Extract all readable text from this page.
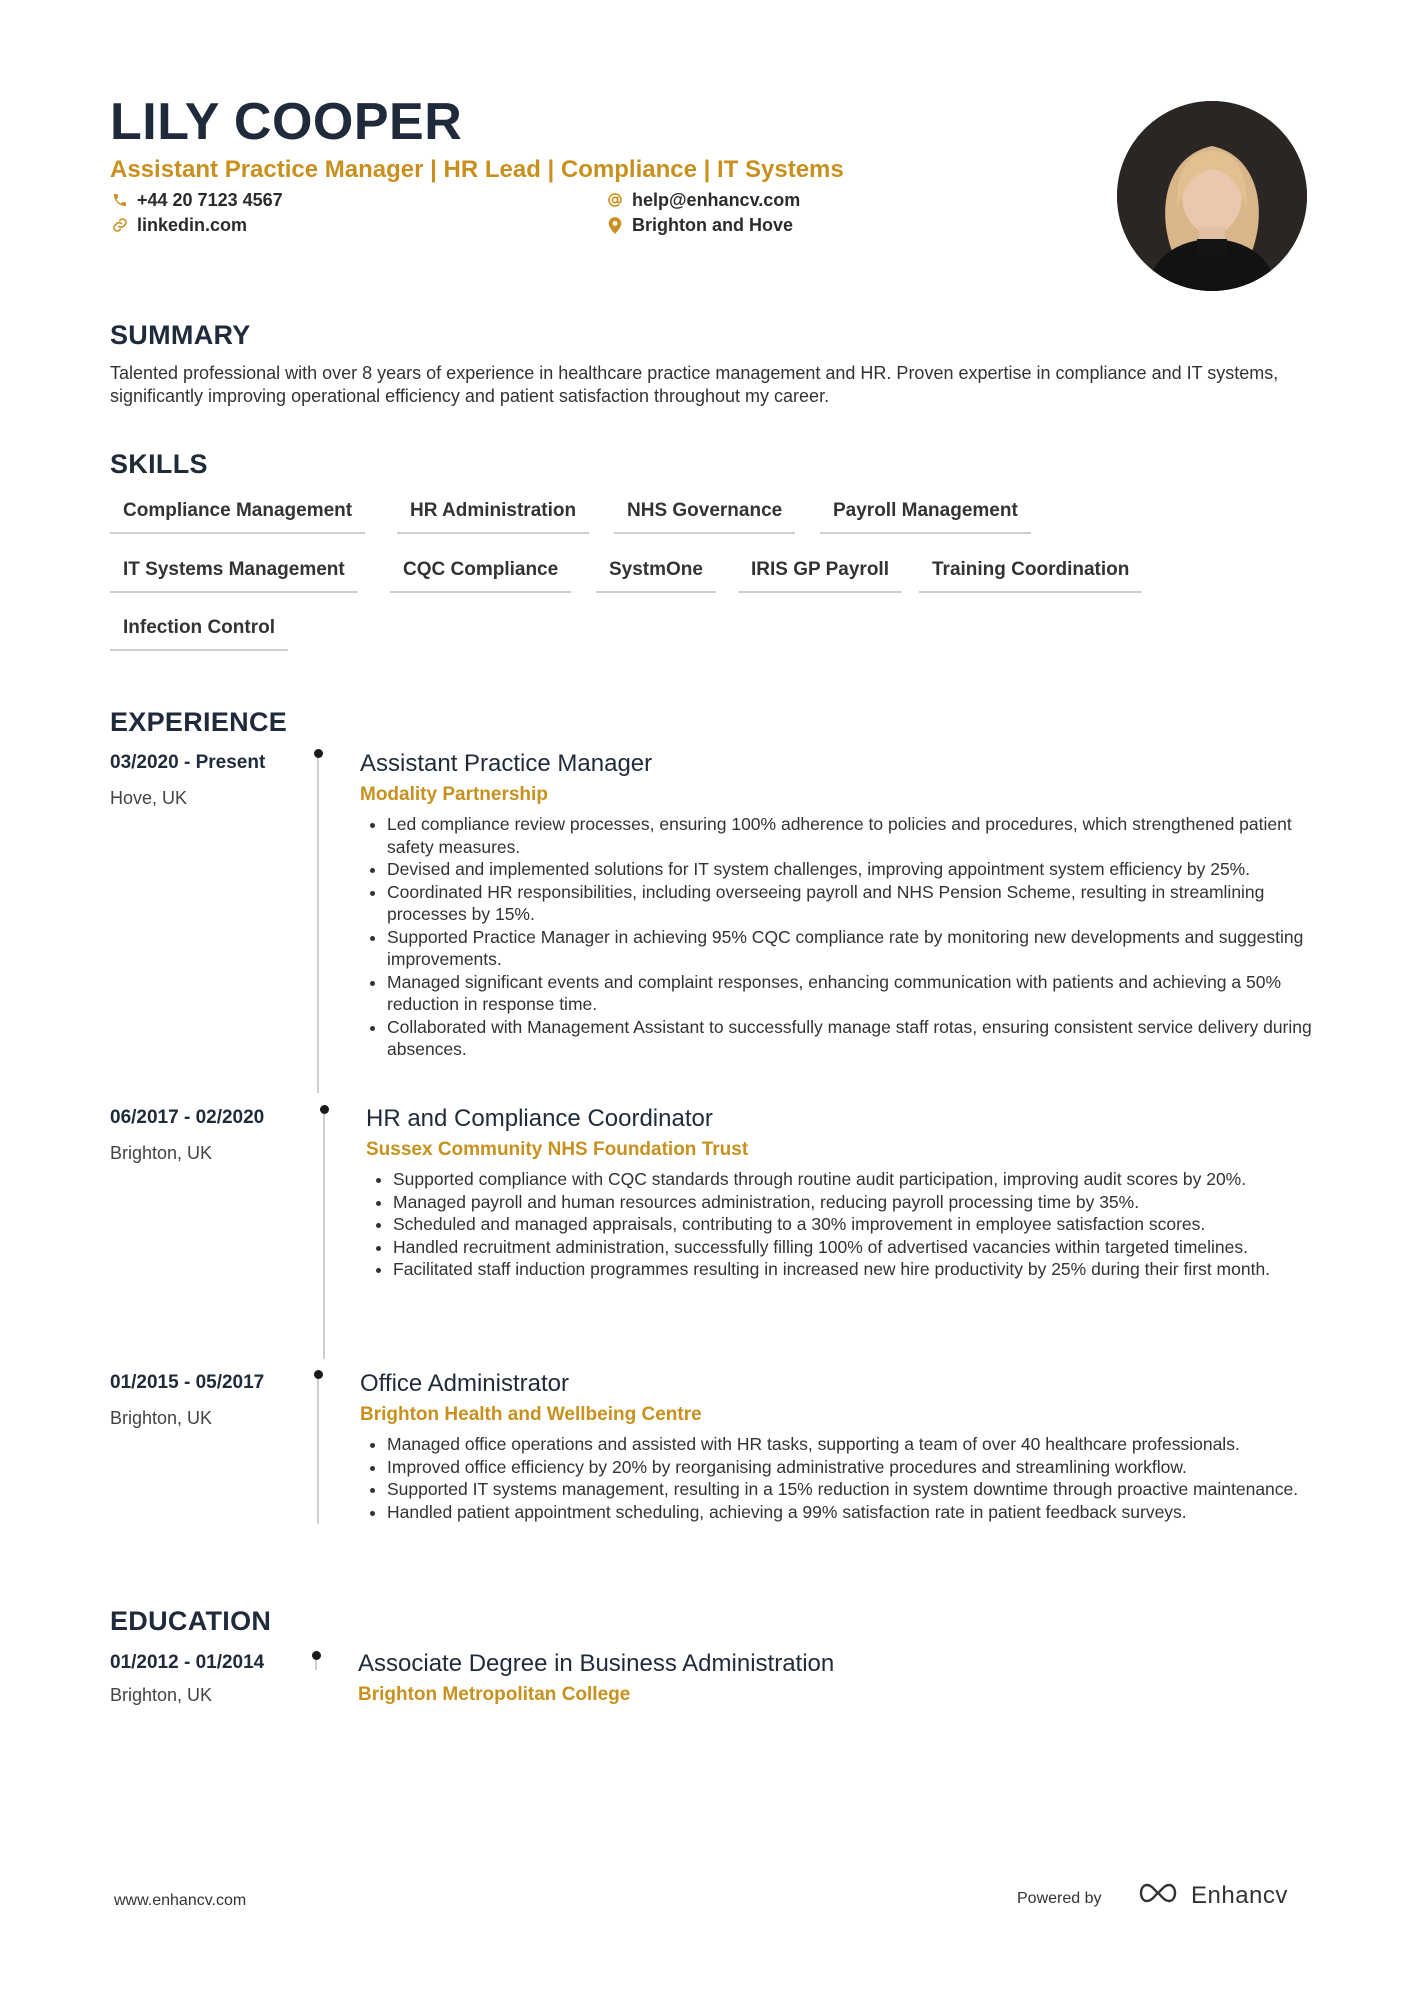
LILY COOPER
Assistant Practice Manager | HR Lead | Compliance | IT Systems
+44 20 7123 4567	help@enhancv.com
linkedin.com	Brighton and Hove
SUMMARY

Talented professional with over 8 years of experience in healthcare practice management and HR. Proven expertise in compliance and IT systems, significantly improving operational efficiency and patient satisfaction throughout my career.

SKILLS
Compliance Management	HR Administration	NHS Governance	Payroll Management
IT Systems Management	CQC Compliance	SystmOne	IRIS GP Payroll	Training Coordination
Infection Control
EXPERIENCE
03/2020 - Present
Hove, UK
Assistant Practice Manager
Modality Partnership
• Led compliance review processes, ensuring 100% adherence to policies and procedures, which strengthened patient safety measures.
• Devised and implemented solutions for IT system challenges, improving appointment system efficiency by 25%.
• Coordinated HR responsibilities, including overseeing payroll and NHS Pension Scheme, resulting in streamlining processes by 15%.
• Supported Practice Manager in achieving 95% CQC compliance rate by monitoring new developments and suggesting improvements.
• Managed significant events and complaint responses, enhancing communication with patients and achieving a 50% reduction in response time.
• Collaborated with Management Assistant to successfully manage staff rotas, ensuring consistent service delivery during absences.
06/2017 - 02/2020
Brighton, UK
HR and Compliance Coordinator
Sussex Community NHS Foundation Trust
• Supported compliance with CQC standards through routine audit participation, improving audit scores by 20%.
• Managed payroll and human resources administration, reducing payroll processing time by 35%.
• Scheduled and managed appraisals, contributing to a 30% improvement in employee satisfaction scores.
• Handled recruitment administration, successfully filling 100% of advertised vacancies within targeted timelines.
• Facilitated staff induction programmes resulting in increased new hire productivity by 25% during their first month.
01/2015 - 05/2017
Brighton, UK
Office Administrator
Brighton Health and Wellbeing Centre
• Managed office operations and assisted with HR tasks, supporting a team of over 40 healthcare professionals.
• Improved office efficiency by 20% by reorganising administrative procedures and streamlining workflow.
• Supported IT systems management, resulting in a 15% reduction in system downtime through proactive maintenance.
• Handled patient appointment scheduling, achieving a 99% satisfaction rate in patient feedback surveys.
EDUCATION
01/2012 - 01/2014
Brighton, UK
Associate Degree in Business Administration
Brighton Metropolitan College
www.enhancv.com	Powered by	Enhancv
